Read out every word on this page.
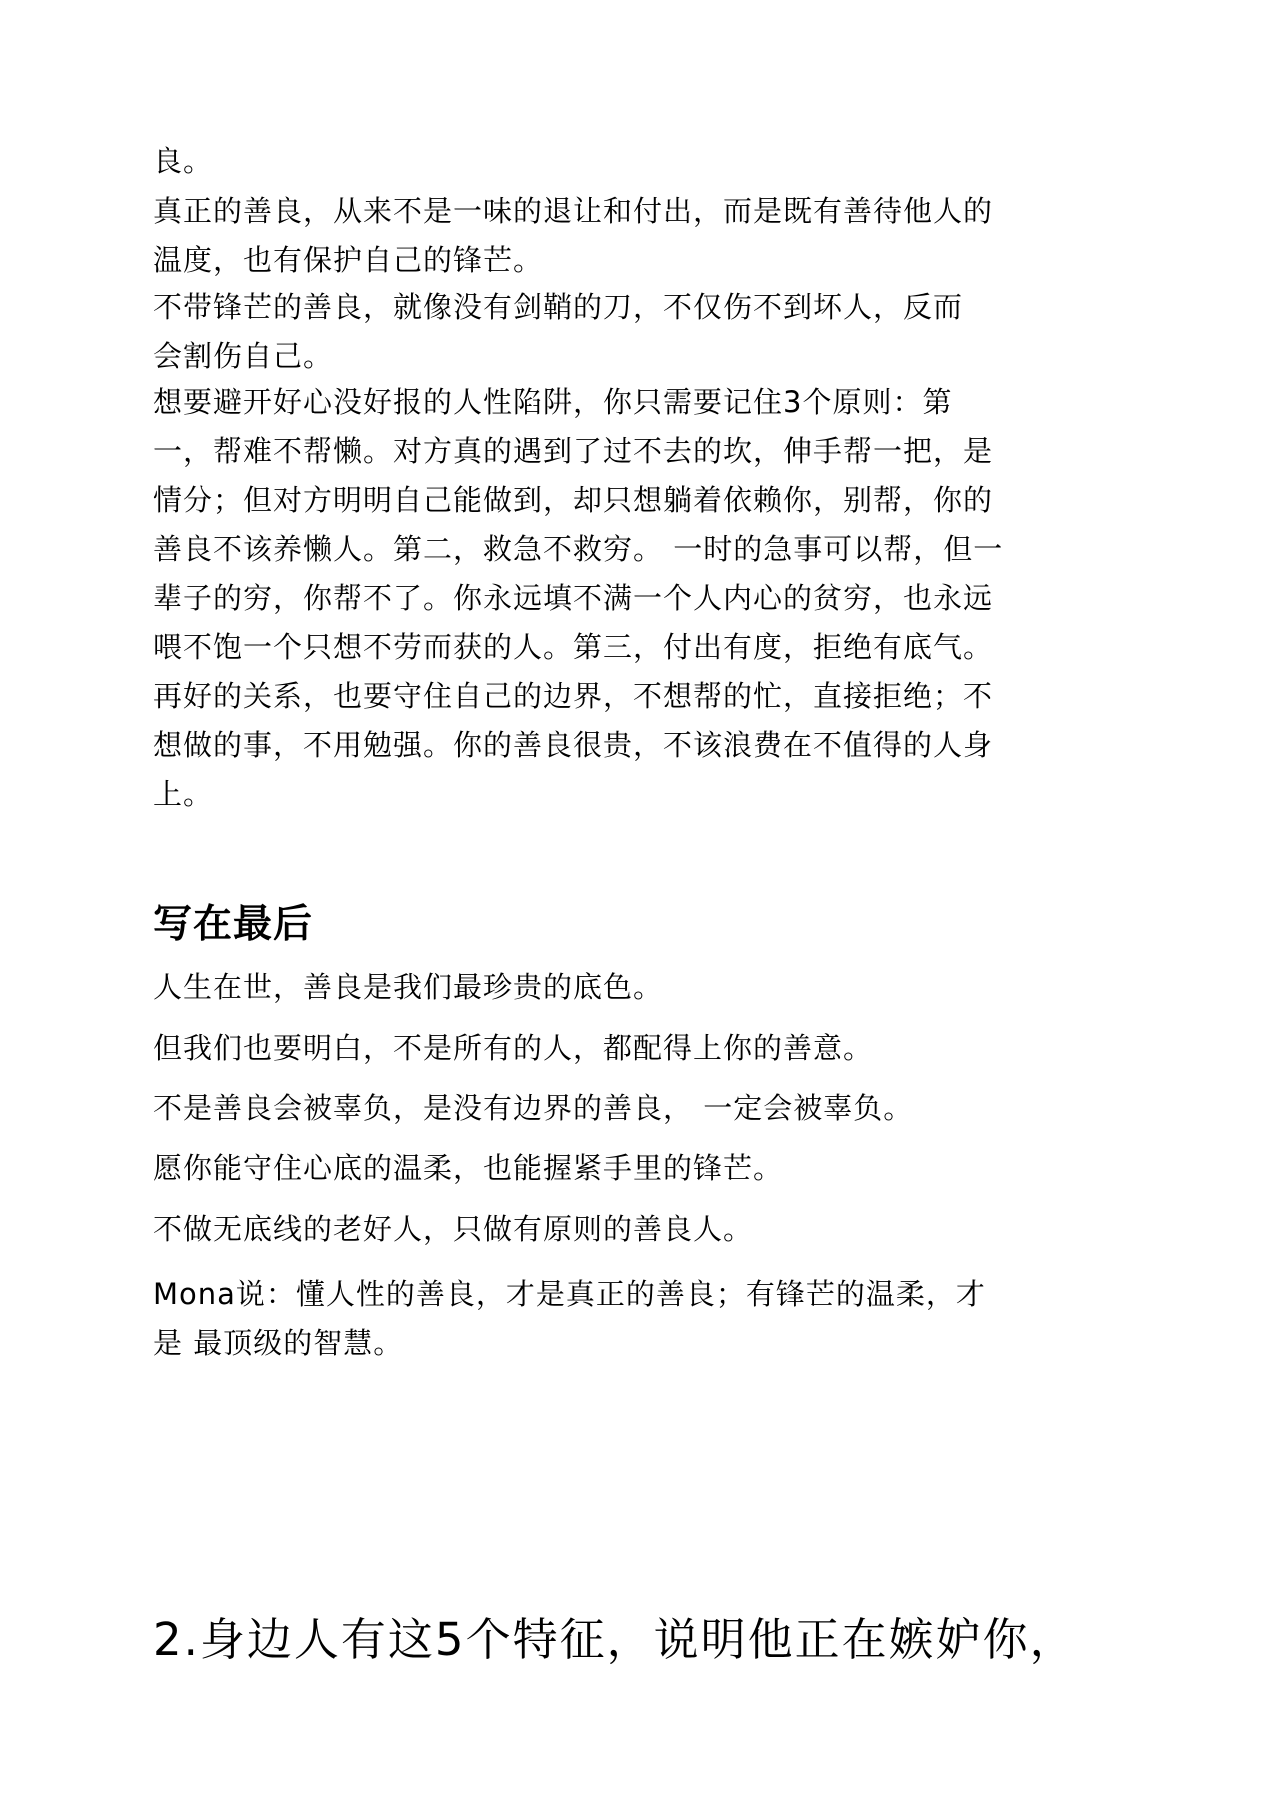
良。

真正的善良，从来不是一味的退让和付出，而是既有善待他人的
温度，也有保护自己的锋芒。

不带锋芒的善良，就像没有剑鞘的刀，不仅伤不到坏人，反而
会割伤自己。

想要避开好心没好报的人性陷阱，你只需要记住3个原则：第
一，帮难不帮懒。对方真的遇到了过不去的坎，伸手帮一把，是
情分；但对方明明自己能做到，却只想躺着依赖你，别帮，你的
善良不该养懒人。第二，救急不救穷。 一时的急事可以帮，但一
辈子的穷，你帮不了。你永远填不满一个人内心的贫穷，也永远
喂不饱一个只想不劳而获的人。第三，付出有度，拒绝有底气。
再好的关系，也要守住自己的边界，不想帮的忙，直接拒绝；不
想做的事，不用勉强。你的善良很贵，不该浪费在不值得的人身
上。

写在最后

人生在世，善良是我们最珍贵的底色。

但我们也要明白，不是所有的人，都配得上你的善意。

不是善良会被辜负，是没有边界的善良， 一定会被辜负。

愿你能守住心底的温柔，也能握紧手里的锋芒。

不做无底线的老好人，只做有原则的善良人。

Mona说：懂人性的善良，才是真正的善良；有锋芒的温柔，才
是 最顶级的智慧。

2.身边人有这5个特征，说明他正在嫉妒你，
